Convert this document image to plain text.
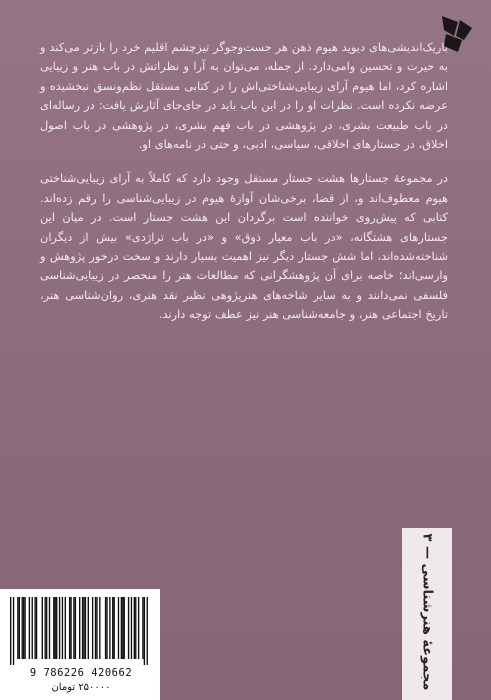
باریک‌اندیشی‌های دیوید هیوم ذهن هر جست‌وجوگر تیزچشم اقلیم خرد را بازتر می‌کند و به حیرت و تحسین وامی‌دارد. از جمله، می‌توان به آرا و نظراتش در باب هنر و زیبایی اشاره کرد، اما هیوم آرای زیبایی‌شناختی‌اش را در کتابی مستقل نظم‌ونسق نبخشیده و عرضه نکرده است. نظرات او را در این باب باید در جای‌جای آثارش یافت: در رساله‌ای در باب طبیعت بشری، در پژوهشی در باب فهم بشری، در پژوهشی در باب اصول اخلاق، در جستارهای اخلاقی، سیاسی، ادبی، و حتی در نامه‌های او.

در مجموعهٔ جستارها هشت جستار مستقل وجود دارد که کاملاً به آرای زیبایی‌شناختی هیوم معطوف‌اند و، از قضا، برخی‌شان آوازهٔ هیوم در زیبایی‌شناسی را رقم زده‌اند. کتابی که پیش‌روی خواننده است برگردان این هشت جستار است. در میان این جستارهای هشتگانه، «در باب معیار ذوق» و «در باب تراژدی» بیش از دیگران شناخته‌شده‌اند، اما شش جستار دیگر نیز اهمیت بسیار دارند و سخت درخور پژوهش و وارسی‌اند؛ خاصه برای آن پژوهشگرانی که مطالعات هنر را منحصر در زیبایی‌شناسی فلسفی نمی‌دانند و به سایر شاخه‌های هنرپژوهی نظیر نقد هنری، روان‌شناسی هنر، تاریخ اجتماعی هنر، و جامعه‌شناسی هنر نیز عطف توجه دارند.

مجموعهٔ هنرشناسی — ۳
9 786226 420662
۲۵۰۰۰۰ تومان
